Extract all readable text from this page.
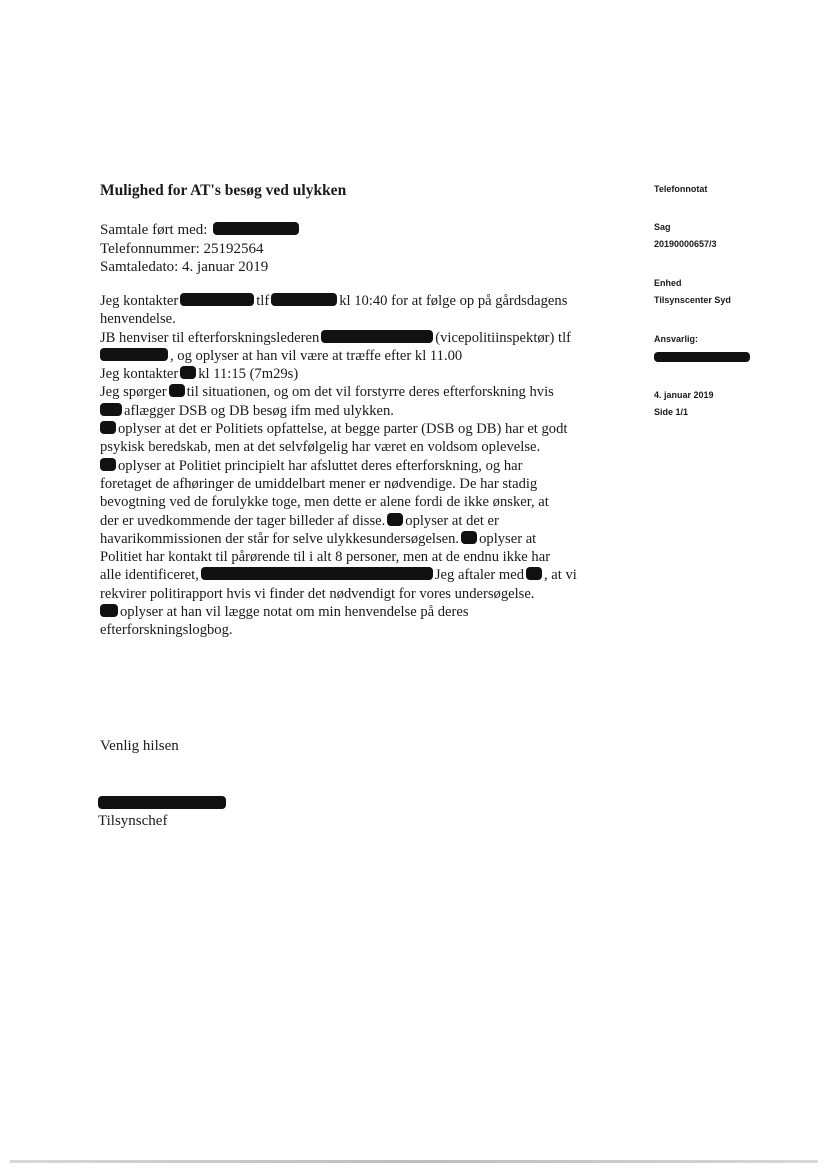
Mulighed for AT's besøg ved ulykken
Samtale ført med:
Telefonnummer: 25192564
Samtaledato: 4. januar 2019
Jeg kontakter	tlf	kl 10:40 for at følge op på gårdsdagens
henvendelse.
JB henviser til efterforskningslederen	(vicepolitiinspektør) tlf
, og oplyser at han vil være at træffe efter kl 11.00
Jeg kontakter kl 11:15 (7m29s)
Jeg spørger til situationen, og om det vil forstyrre deres efterforskning hvis
aflægger DSB og DB besøg ifm med ulykken.
oplyser at det er Politiets opfattelse, at begge parter (DSB og DB) har et godt
psykisk beredskab, men at det selvfølgelig har været en voldsom oplevelse.
oplyser at Politiet principielt har afsluttet deres efterforskning, og har
foretaget de afhøringer de umiddelbart mener er nødvendige. De har stadig
bevogtning ved de forulykke toge, men dette er alene fordi de ikke ønsker, at
der er uvedkommende der tager billeder af disse. oplyser at det er
havarikommissionen der står for selve ulykkesundersøgelsen. oplyser at
Politiet har kontakt til pårørende til i alt 8 personer, men at de endnu ikke har
alle identificeret,	Jeg aftaler med , at vi
rekvirer politirapport hvis vi finder det nødvendigt for vores undersøgelse.
oplyser at han vil lægge notat om min henvendelse på deres
efterforskningslogbog.
Venlig hilsen
Tilsynschef
Telefonnotat
Sag
20190000657/3
Enhed
Tilsynscenter Syd
Ansvarlig:
4. januar 2019
Side 1/1
